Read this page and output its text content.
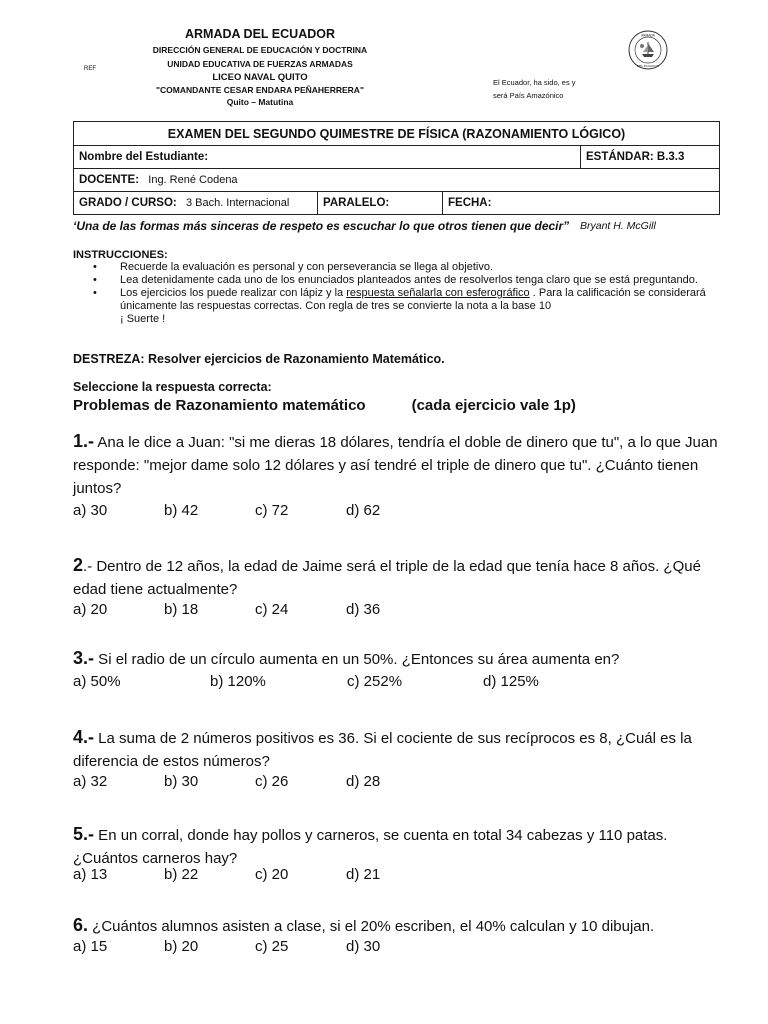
ARMADA DEL ECUADOR
DIRECCIÓN GENERAL DE EDUCACIÓN Y DOCTRINA
UNIDAD EDUCATIVA DE FUERZAS ARMADAS
LICEO NAVAL QUITO
"COMANDANTE CESAR ENDARA PEÑAHERRERA"
Quito – Matutina
REF
El Ecuador, ha sido, es y
será País Amazónico
ARMADA
DEL ECUADOR
EXAMEN DEL SEGUNDO QUIMESTRE DE FÍSICA (RAZONAMIENTO LÓGICO)			
Nombre del Estudiante:			ESTÁNDAR: B.3.3
DOCENTE: Ing. René Codena			
GRADO / CURSO: 3 Bach. Internacional	PARALELO:	FECHA:	
‘Una de las formas más sinceras de respeto es escuchar lo que otros tienen que decir” Bryant H. McGill
INSTRUCCIONES:
• Recuerde la evaluación es personal y con perseverancia se llega al objetivo.
• Lea detenidamente cada uno de los enunciados planteados antes de resolverlos tenga claro que se está preguntando.
• Los ejercicios los puede realizar con lápiz y la respuesta señalarla con esferográfico . Para la calificación se considerará únicamente las respuestas correctas. Con regla de tres se convierte la nota a la base 10
¡ Suerte !
DESTREZA: Resolver ejercicios de Razonamiento Matemático.
Seleccione la respuesta correcta:
Problemas de Razonamiento matemático	(cada ejercicio vale 1p)
1.- Ana le dice a Juan: "si me dieras 18 dólares, tendría el doble de dinero que tu", a lo que Juan responde: "mejor dame solo 12 dólares y así tendré el triple de dinero que tu". ¿Cuánto tienen juntos?
a) 30	b) 42	c) 72	d) 62
2.- Dentro de 12 años, la edad de Jaime será el triple de la edad que tenía hace 8 años. ¿Qué edad tiene actualmente?
a) 20	b) 18	c) 24	d) 36
3.- Si el radio de un círculo aumenta en un 50%. ¿Entonces su área aumenta en?
a) 50%	b) 120%	c) 252%	d) 125%
4.- La suma de 2 números positivos es 36. Si el cociente de sus recíprocos es 8, ¿Cuál es la diferencia de estos números?
a) 32	b) 30	c) 26	d) 28
5.- En un corral, donde hay pollos y carneros, se cuenta en total 34 cabezas y 110 patas. ¿Cuántos carneros hay?
a) 13	b) 22	c) 20	d) 21
6. ¿Cuántos alumnos asisten a clase, si el 20% escriben, el 40% calculan y 10 dibujan.
a) 15	b) 20	c) 25	d) 30
